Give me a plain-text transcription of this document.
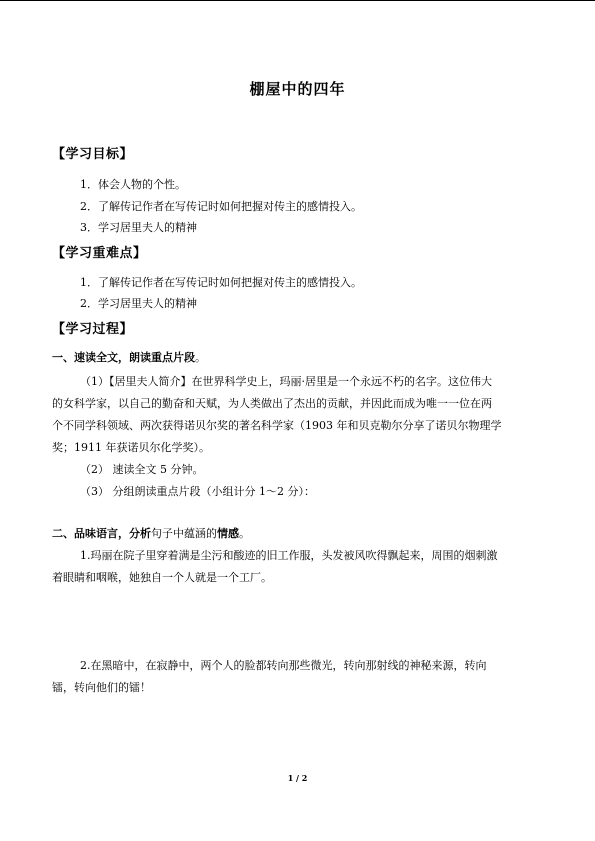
棚屋中的四年
【学习目标】
1．体会人物的个性。
2．了解传记作者在写传记时如何把握对传主的感情投入。
3．学习居里夫人的精神
【学习重难点】
1．了解传记作者在写传记时如何把握对传主的感情投入。
2．学习居里夫人的精神
【学习过程】
一、速读全文，朗读重点片段。
（1）【居里夫人简介】在世界科学史上，玛丽·居里是一个永远不朽的名字。这位伟大
的女科学家，以自己的勤奋和天赋，为人类做出了杰出的贡献，并因此而成为唯一一位在两
个不同学科领域、两次获得诺贝尔奖的著名科学家（1903 年和贝克勒尔分享了诺贝尔物理学
奖；1911 年获诺贝尔化学奖）。
（2） 速读全文 5 分钟。
（3） 分组朗读重点片段（小组计分 1～2 分）：
二、品味语言，分析句子中蕴涵的情感。
1.玛丽在院子里穿着满是尘污和酸迹的旧工作服，头发被风吹得飘起来，周围的烟刺激
着眼睛和咽喉，她独自一个人就是一个工厂。
2.在黑暗中，在寂静中，两个人的脸都转向那些微光，转向那射线的神秘来源，转向
镭，转向他们的镭！
1 / 2
